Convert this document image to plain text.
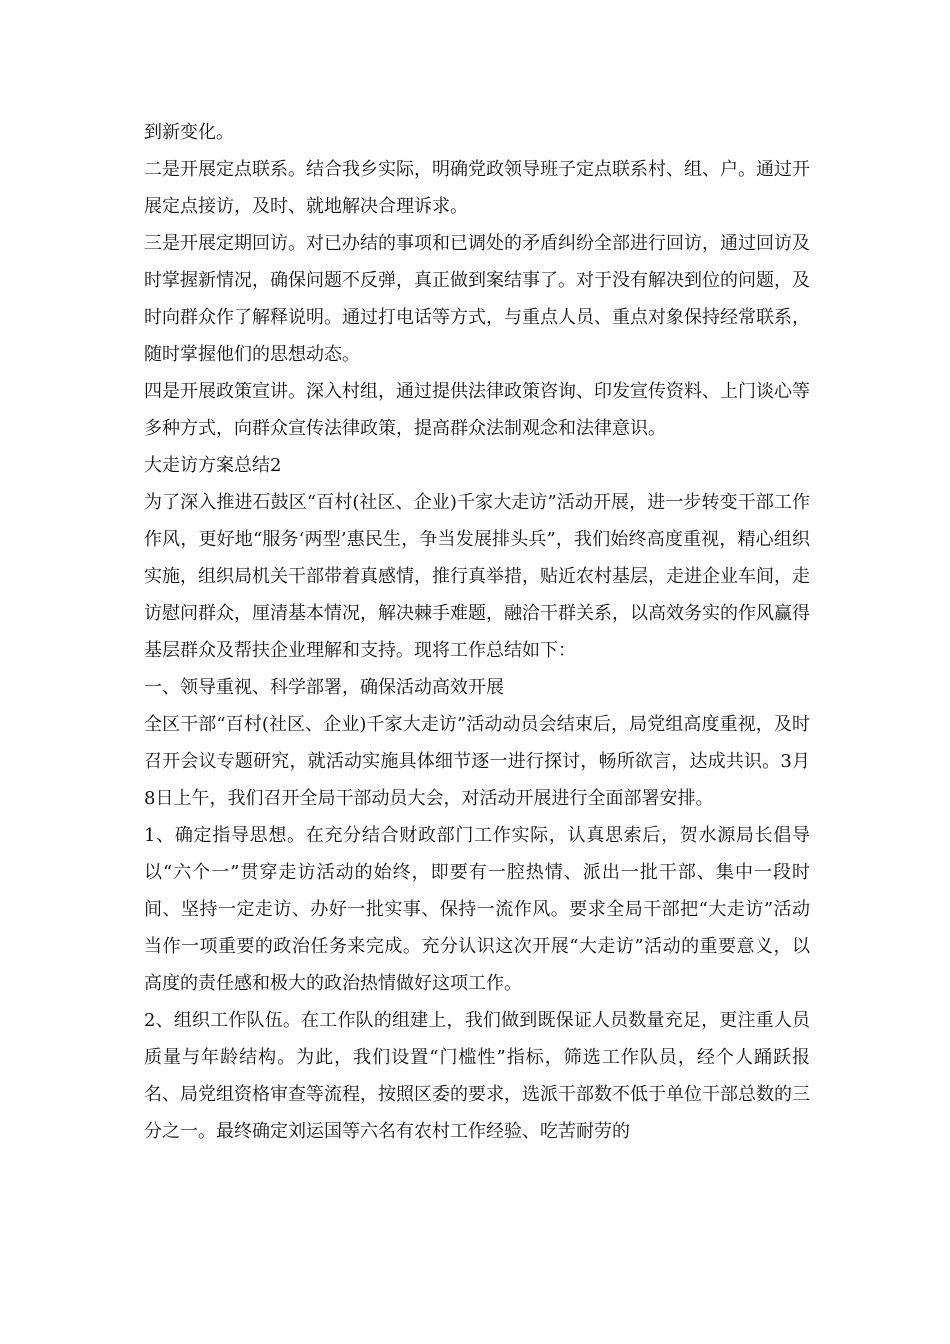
到新变化。

二是开展定点联系。结合我乡实际，明确党政领导班子定点联系村、组、户。通过开展定点接访，及时、就地解决合理诉求。

三是开展定期回访。对已办结的事项和已调处的矛盾纠纷全部进行回访，通过回访及时掌握新情况，确保问题不反弹，真正做到案结事了。对于没有解决到位的问题，及时向群众作了解释说明。通过打电话等方式，与重点人员、重点对象保持经常联系，随时掌握他们的思想动态。

四是开展政策宣讲。深入村组，通过提供法律政策咨询、印发宣传资料、上门谈心等多种方式，向群众宣传法律政策，提高群众法制观念和法律意识。

大走访方案总结2

为了深入推进石鼓区“百村(社区、企业)千家大走访”活动开展，进一步转变干部工作作风，更好地“服务‘两型’惠民生，争当发展排头兵”，我们始终高度重视，精心组织实施，组织局机关干部带着真感情，推行真举措，贴近农村基层，走进企业车间，走访慰问群众，厘清基本情况，解决棘手难题，融洽干群关系，以高效务实的作风赢得基层群众及帮扶企业理解和支持。现将工作总结如下：

一、领导重视、科学部署，确保活动高效开展

全区干部“百村(社区、企业)千家大走访”活动动员会结束后，局党组高度重视，及时召开会议专题研究，就活动实施具体细节逐一进行探讨，畅所欲言，达成共识。3月8日上午，我们召开全局干部动员大会，对活动开展进行全面部署安排。

1、确定指导思想。在充分结合财政部门工作实际，认真思索后，贺水源局长倡导以“六个一”贯穿走访活动的始终，即要有一腔热情、派出一批干部、集中一段时间、坚持一定走访、办好一批实事、保持一流作风。要求全局干部把“大走访”活动当作一项重要的政治任务来完成。充分认识这次开展“大走访”活动的重要意义，以高度的责任感和极大的政治热情做好这项工作。

2、组织工作队伍。在工作队的组建上，我们做到既保证人员数量充足，更注重人员质量与年龄结构。为此，我们设置“门槛性”指标，筛选工作队员，经个人踊跃报名、局党组资格审查等流程，按照区委的要求，选派干部数不低于单位干部总数的三分之一。最终确定刘运国等六名有农村工作经验、吃苦耐劳的
